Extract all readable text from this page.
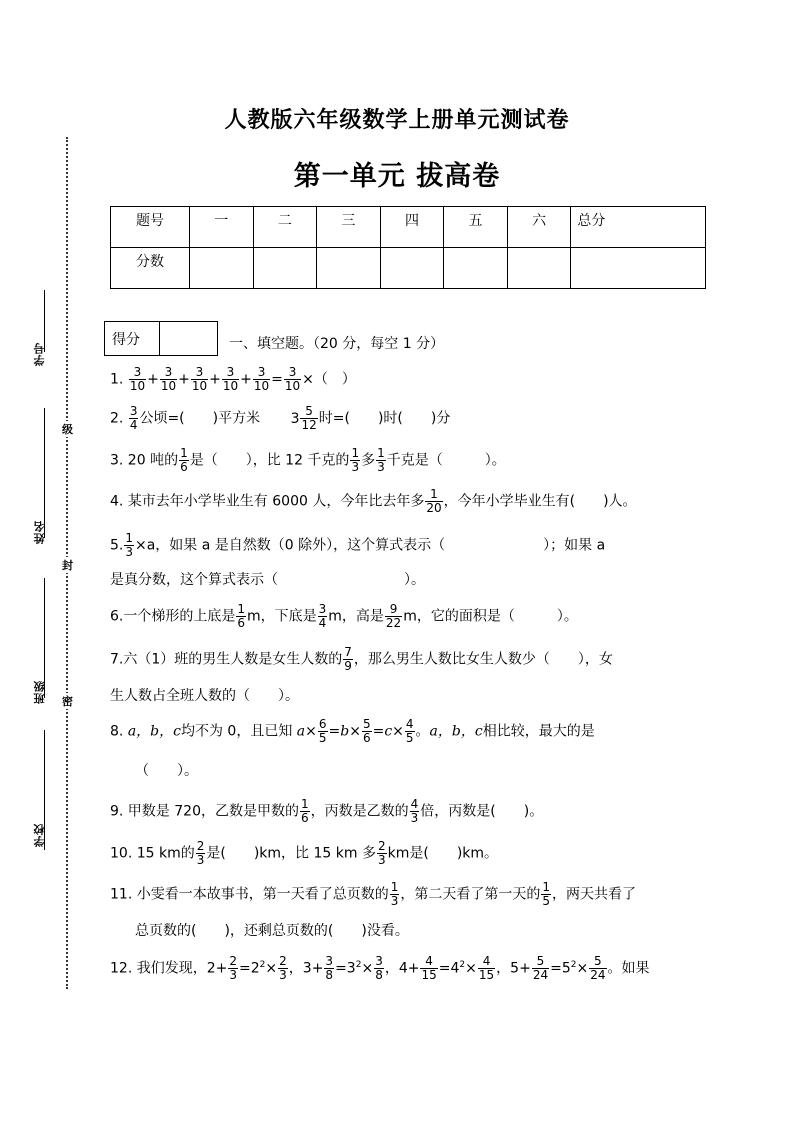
学号
姓名
班级
学校
级
封
密
人教版六年级数学上册单元测试卷
第一单元 拔高卷
题号	一	二	三	四	五	六	总分
分数							
得分	一、填空题。（20 分，每空 1 分）
1. $\frac{3}{10} + \frac{3}{10} + \frac{3}{10} + \frac{3}{10} + \frac{3}{10} = \frac{3}{10}$ ×（　）
2. $\frac{3}{4}$ 公顷=(　　)平方米 $3 \frac{5}{12}$ 时=(　　)时(　　)分
3. 20 吨的 $\frac{1}{6}$ 是（　　），比 12 千克的 $\frac{1}{3}$ 多 $\frac{1}{3}$ 千克是（　　　）。
4. 某市去年小学毕业生有 6000 人，今年比去年多 $\frac{1}{20}$ ，今年小学毕业生有(　　)人。
5. $\frac{1}{3} \times a$，如果 a 是自然数（0 除外），这个算式表示（　　　　　　　）；如果 a
是真分数，这个算式表示（　　　　　　　　　）。
6.一个梯形的上底是 $\frac{1}{6}$ m，下底是 $\frac{3}{4}$ m，高是 $\frac{9}{22}$ m，它的面积是（　　　）。
7.六（1）班的男生人数是女生人数的 $\frac{7}{9}$ ，那么男生人数比女生人数少（　　），女
生人数占全班人数的（　　）。
8. a，b，c均不为 0，且已知 $a\times \frac{6}{5} =b\times \frac{5}{6} =c\times \frac{4}{5}$ 。a，b，c相比较，最大的是
（　　）。
9. 甲数是 720，乙数是甲数的 $\frac{1}{6}$ ，丙数是乙数的 $\frac{4}{3}$ 倍，丙数是(　　)。
10. 15 km的 $\frac{2}{3}$ 是(　　)km，比 15 km 多 $\frac{2}{3}$ km是(　　)km。
11. 小雯看一本故事书，第一天看了总页数的 $\frac{1}{3}$ ，第二天看了第一天的 $\frac{1}{5}$ ，两天共看了
总页数的(　　)，还剩总页数的(　　)没看。
12. 我们发现，$2+ \frac{2}{3} =2^2\times \frac{2}{3}$ ，$3+ \frac{3}{8} =3^2\times \frac{3}{8}$ ，$4+ \frac{4}{15} =4^2\times \frac{4}{15}$ ，$5+ \frac{5}{24} =5^2\times \frac{5}{24}$ 。如果
